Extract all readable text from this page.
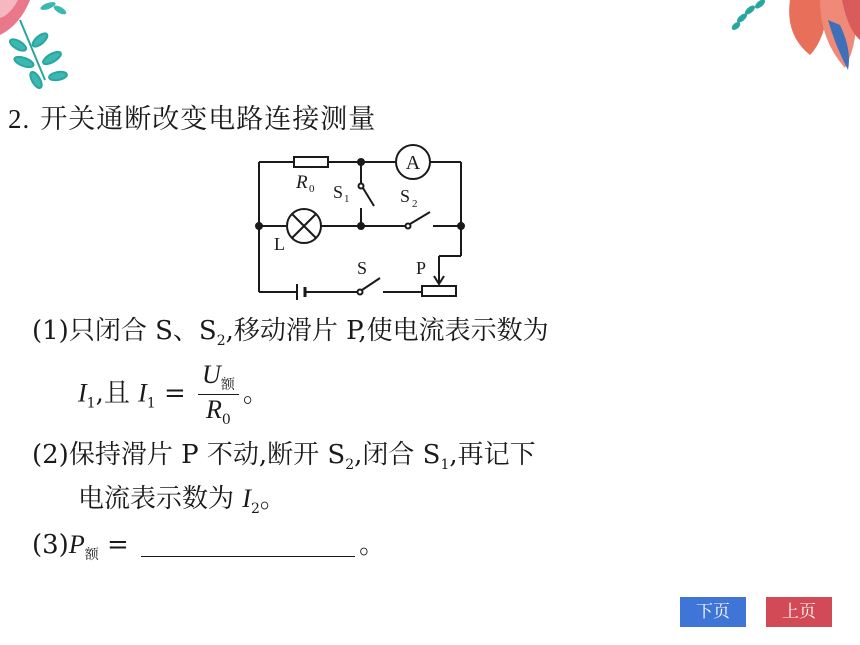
2. 开关通断改变电路连接测量
A
R 0 S 1	S 2
L
S	P
(1)只闭合 S、$S_2$,移动滑片 P,使电流表示数为
$I_1$,且 $I_1 = \frac{U_额}{R_0}$ 。
(2)保持滑片 P 不动,断开 $S_2$,闭合 $S_1$,再记下
电流表示数为 $I_2$。
$(3)P_额$ =	。
下页	上页
